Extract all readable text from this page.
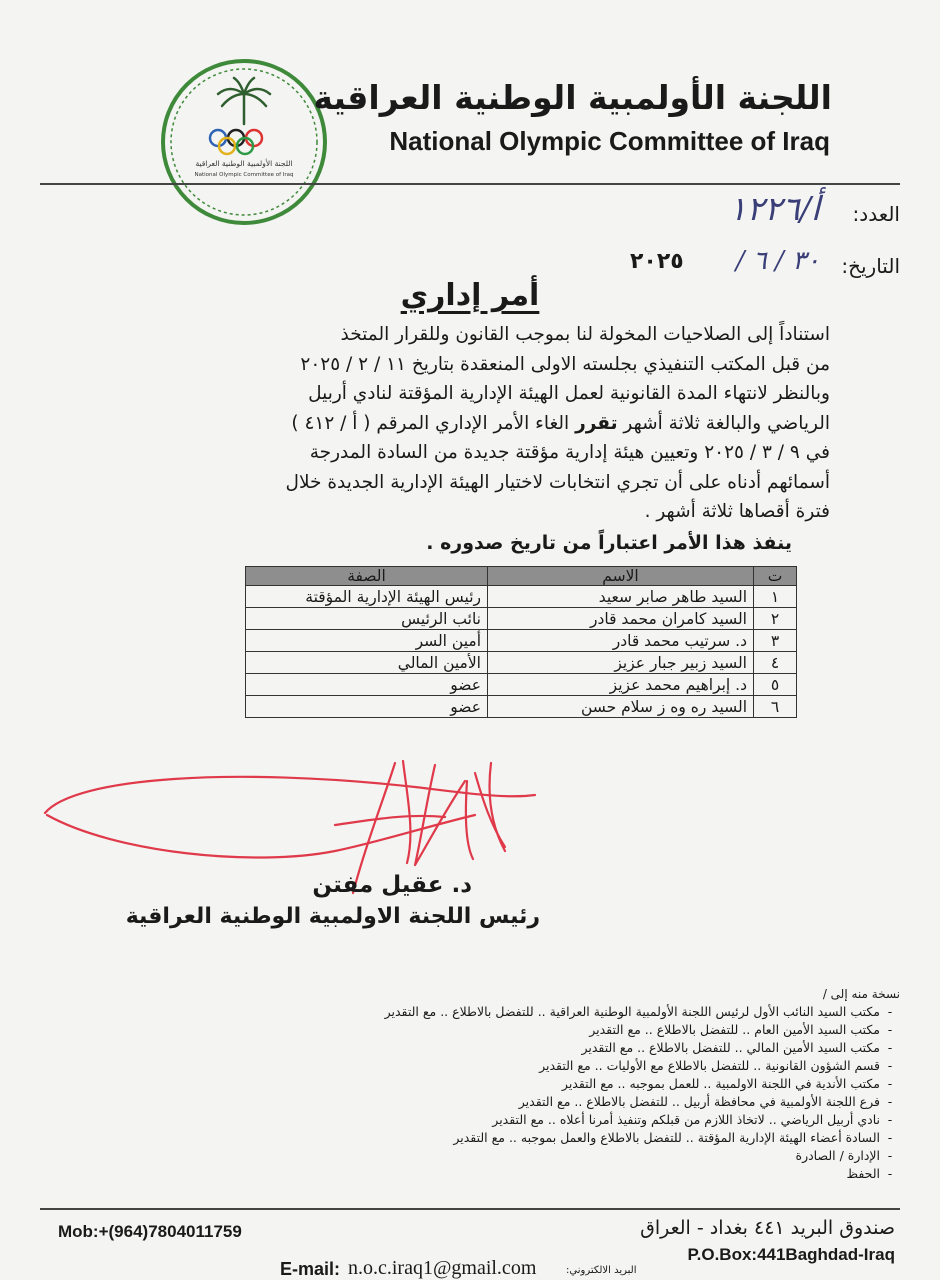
اللجنة الأولمبية الوطنية العراقية
National Olympic Committee of Iraq
اللجنة الأولمبية الوطنية العراقية
National Olympic Committee of Iraq
العدد:
أ/١٢٢٦
التاريخ:
٣٠ / ٦ /
٢٠٢٥
أمر إداري

استناداً إلى الصلاحيات المخولة لنا بموجب القانون وللقرار المتخذ

من قبل المكتب التنفيذي بجلسته الاولى المنعقدة بتاريخ ١١ / ٢ / ٢٠٢٥

وبالنظر لانتهاء المدة القانونية لعمل الهيئة الإدارية المؤقتة لنادي أربيل

الرياضي والبالغة ثلاثة أشهر تقرر الغاء الأمر الإداري المرقم ( أ / ٤١٢ )

في ٩ / ٣ / ٢٠٢٥ وتعيين هيئة إدارية مؤقتة جديدة من السادة المدرجة

أسمائهم أدناه على أن تجري انتخابات لاختيار الهيئة الإدارية الجديدة خلال

فترة أقصاها ثلاثة أشهر .

ينفذ هذا الأمر اعتباراً من تاريخ صدوره .
ت	الاسم	الصفة
١	السيد طاهر صابر سعيد	رئيس الهيئة الإدارية المؤقتة
٢	السيد كامران محمد قادر	نائب الرئيس
٣	د. سرتيب محمد قادر	أمين السر
٤	السيد زبير جبار عزيز	الأمين المالي
٥	د. إبراهيم محمد عزيز	عضو
٦	السيد ره وه ز سلام حسن	عضو
د. عقيل مفتن
رئيس اللجنة الاولمبية الوطنية العراقية
نسخة منه إلى /
-مكتب السيد النائب الأول لرئيس اللجنة الأولمبية الوطنية العراقية .. للتفضل بالاطلاع .. مع التقدير
-مكتب السيد الأمين العام .. للتفضل بالاطلاع .. مع التقدير
-مكتب السيد الأمين المالي .. للتفضل بالاطلاع .. مع التقدير
-قسم الشؤون القانونية .. للتفضل بالاطلاع مع الأوليات .. مع التقدير
-مكتب الأندية في اللجنة الاولمبية .. للعمل بموجبه .. مع التقدير
-فرع اللجنة الأولمبية في محافظة أربيل .. للتفضل بالاطلاع .. مع التقدير
-نادي أربيل الرياضي .. لاتخاذ اللازم من قبلكم وتنفيذ أمرنا أعلاه .. مع التقدير
-السادة أعضاء الهيئة الإدارية المؤقتة .. للتفضل بالاطلاع والعمل بموجبه .. مع التقدير
-الإدارة / الصادرة
-الحفظ
Mob:+(964)7804011759	صندوق البريد ٤٤١ بغداد - العراق
P.O.Box:441Baghdad-Iraq
E-mail: n.o.c.iraq1@gmail.com	البريد الالكتروني:
